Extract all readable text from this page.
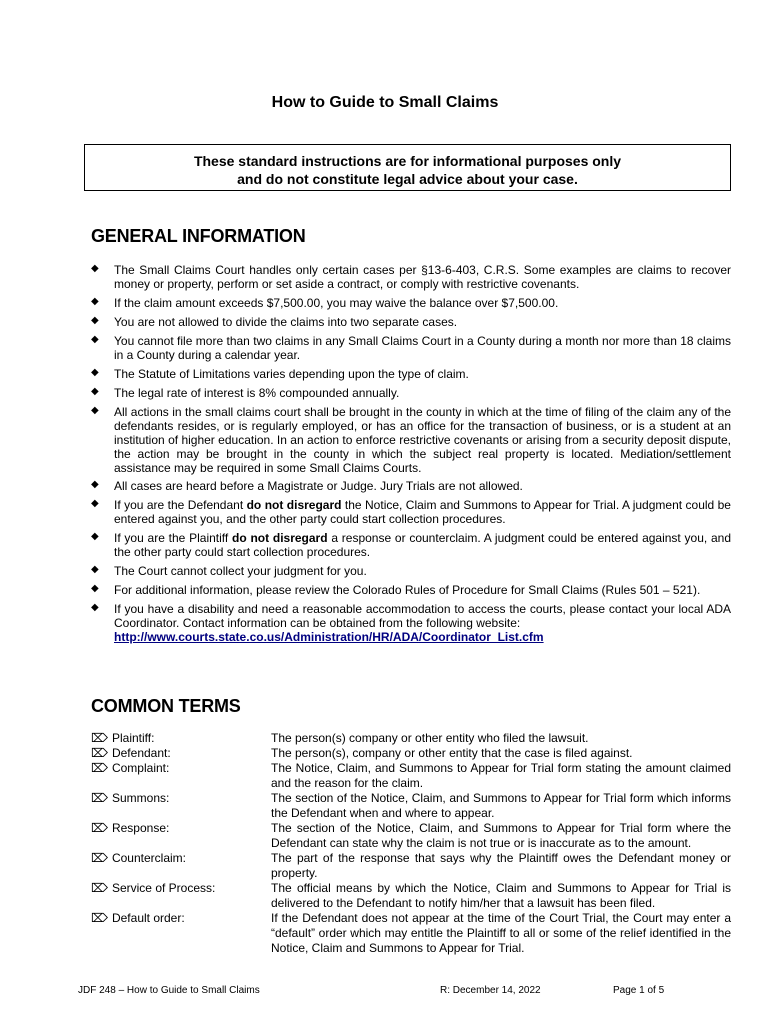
How to Guide to Small Claims
These standard instructions are for informational purposes only
and do not constitute legal advice about your case.
GENERAL INFORMATION
◆ The Small Claims Court handles only certain cases per §13-6-403, C.R.S. Some examples are claims to recover money or property, perform or set aside a contract, or comply with restrictive covenants.
◆ If the claim amount exceeds $7,500.00, you may waive the balance over $7,500.00.
◆ You are not allowed to divide the claims into two separate cases.
◆ You cannot file more than two claims in any Small Claims Court in a County during a month nor more than 18 claims in a County during a calendar year.
◆ The Statute of Limitations varies depending upon the type of claim.
◆ The legal rate of interest is 8% compounded annually.
◆ All actions in the small claims court shall be brought in the county in which at the time of filing of the claim any of the defendants resides, or is regularly employed, or has an office for the transaction of business, or is a student at an institution of higher education. In an action to enforce restrictive covenants or arising from a security deposit dispute, the action may be brought in the county in which the subject real property is located. Mediation/settlement assistance may be required in some Small Claims Courts.
◆ All cases are heard before a Magistrate or Judge. Jury Trials are not allowed.
◆ If you are the Defendant do not disregard the Notice, Claim and Summons to Appear for Trial. A judgment could be entered against you, and the other party could start collection procedures.
◆ If you are the Plaintiff do not disregard a response or counterclaim. A judgment could be entered against you, and the other party could start collection procedures.
◆ The Court cannot collect your judgment for you.
◆ For additional information, please review the Colorado Rules of Procedure for Small Claims (Rules 501 – 521).
◆ If you have a disability and need a reasonable accommodation to access the courts, please contact your local ADA Coordinator. Contact information can be obtained from the following website:
http://www.courts.state.co.us/Administration/HR/ADA/Coordinator_List.cfm
COMMON TERMS
⌦ Plaintiff:	The person(s) company or other entity who filed the lawsuit.
⌦ Defendant:	The person(s), company or other entity that the case is filed against.
⌦ Complaint:	The Notice, Claim, and Summons to Appear for Trial form stating the amount claimed and the reason for the claim.
⌦ Summons:	The section of the Notice, Claim, and Summons to Appear for Trial form which informs the Defendant when and where to appear.
⌦ Response:	The section of the Notice, Claim, and Summons to Appear for Trial form where the Defendant can state why the claim is not true or is inaccurate as to the amount.
⌦ Counterclaim:	The part of the response that says why the Plaintiff owes the Defendant money or property.
⌦ Service of Process:	The official means by which the Notice, Claim and Summons to Appear for Trial is delivered to the Defendant to notify him/her that a lawsuit has been filed.
⌦ Default order:	If the Defendant does not appear at the time of the Court Trial, the Court may enter a “default” order which may entitle the Plaintiff to all or some of the relief identified in the Notice, Claim and Summons to Appear for Trial.
JDF 248 – How to Guide to Small Claims	R: December 14, 2022	Page 1 of 5
